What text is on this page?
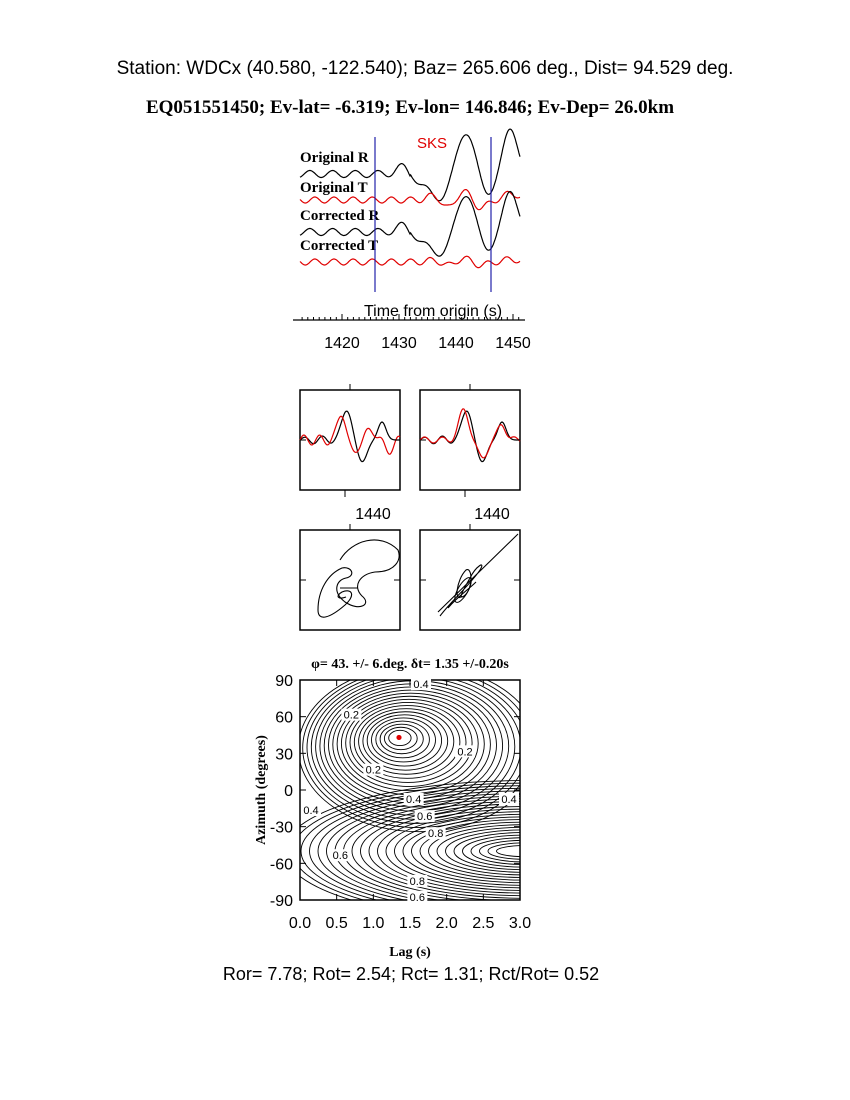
Station: WDCx (40.580, -122.540); Baz= 265.606 deg., Dist= 94.529 deg.
EQ051551450; Ev-lat= -6.319; Ev-lon= 146.846; Ev-Dep= 26.0km
SKS
Original R
Original T
Corrected R
Corrected T
Time from origin (s)
1420 1430 1440 1450
1440	1440
φ= 43. +/- 6.deg. δt= 1.35 +/-0.20s
0.0 0.5 1.0 1.5 2.0 2.5 3.0
90
60
30
0
-30
-60
-90
0.4
0.2
0.2
0.2
0.4	0.4
0.4
0.6
0.8
0.6
0.8
0.6
Lag (s)
Azimuth (degrees)
Ror= 7.78; Rot= 2.54; Rct= 1.31; Rct/Rot= 0.52
